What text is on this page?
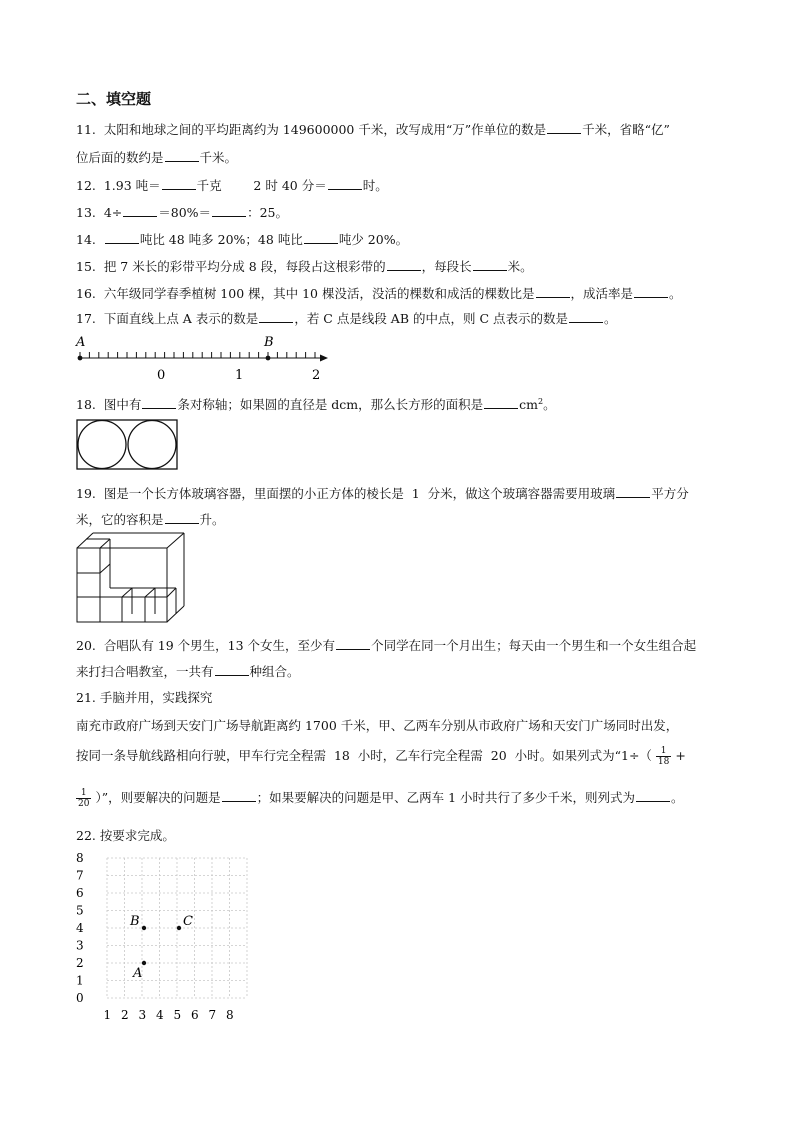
二、填空题
11.  太阳和地球之间的平均距离约为 149600000 千米，改写成用“万”作单位的数是	千米，省略“亿”
位后面的数约是	千米。
12.  1.93 吨＝	千克        2 时 40 分＝	时。
13.  4÷	＝80%＝	：25。
14.	吨比 48 吨多 20%；48 吨比	吨少 20%。
15.  把 7 米长的彩带平均分成 8 段，每段占这根彩带的	，每段长	米。
16.  六年级同学春季植树 100 棵，其中 10 棵没活，没活的棵数和成活的棵数比是	，成活率是	。
17.  下面直线上点 A 表示的数是	，若 C 点是线段 AB 的中点，则 C 点表示的数是	。
A	B
0	1	2
18.  图中有	条对称轴；如果圆的直径是 dcm，那么长方形的面积是	$cm^2$。
19.  图是一个长方体玻璃容器，里面摆的小正方体的棱长是  1  分米，做这个玻璃容器需要用玻璃	平方分
米，它的容积是	升。
20.  合唱队有 19 个男生，13 个女生，至少有	个同学在同一个月出生；每天由一个男生和一个女生组合起
来打扫合唱教室，一共有	种组合。
21. 手脑并用，实践探究
南充市政府广场到天安门广场导航距离约 1700 千米，甲、乙两车分别从市政府广场和天安门广场同时出发，
按同一条导航线路相向行驶，甲车行完全程需  18  小时，乙车行完全程需  20  小时。如果列式为“$1\div( \frac{1}{18}$ +
$\frac{1}{20}$ ）”，则要解决的问题是	；如果要解决的问题是甲、乙两车 1 小时共行了多少千米，则列式为	。
22. 按要求完成。
8
7
6
5
4
3
2
1
0
1 2 3 4 5 6 7 8
B	C
A
